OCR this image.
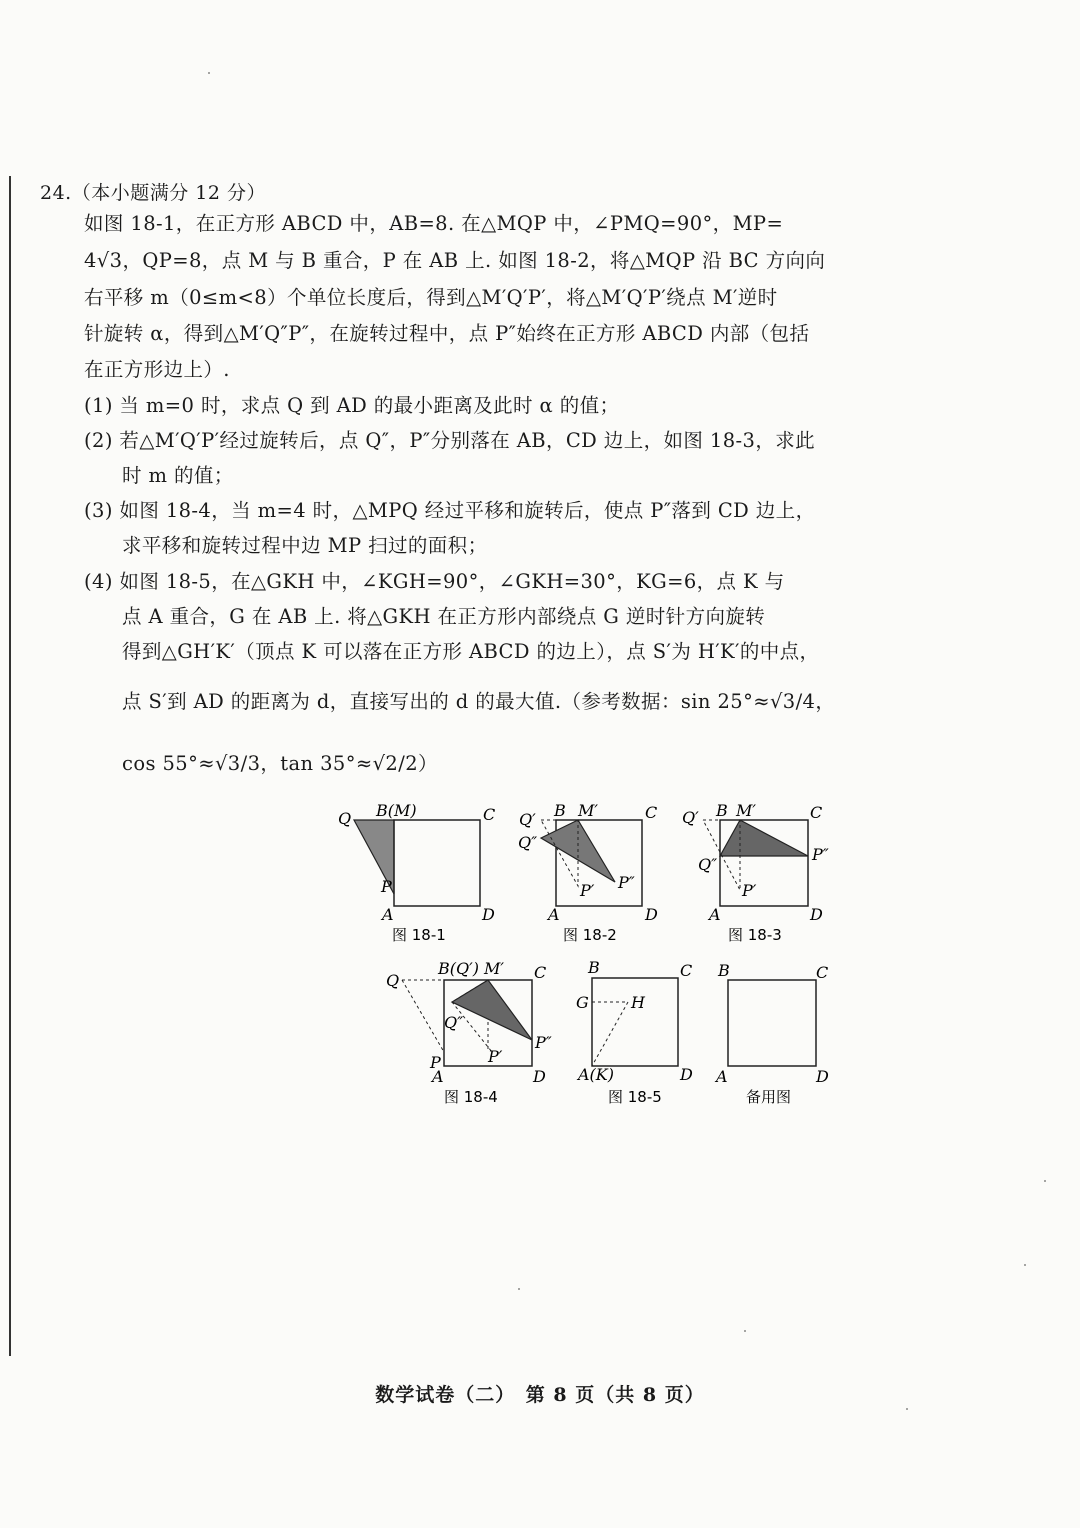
24.（本小题满分 12 分）
如图 18-1，在正方形 ABCD 中，AB=8. 在△MQP 中，∠PMQ=90°，MP=
4√3，QP=8，点 M 与 B 重合，P 在 AB 上. 如图 18-2，将△MQP 沿 BC 方向向
右平移 m（0≤m<8）个单位长度后，得到△M′Q′P′，将△M′Q′P′绕点 M′逆时
针旋转 α，得到△M′Q″P″，在旋转过程中，点 P″始终在正方形 ABCD 内部（包括
在正方形边上）.
(1) 当 m=0 时，求点 Q 到 AD 的最小距离及此时 α 的值；
(2) 若△M′Q′P′经过旋转后，点 Q″，P″分别落在 AB，CD 边上，如图 18-3，求此
时 m 的值；
(3) 如图 18-4，当 m=4 时，△MPQ 经过平移和旋转后，使点 P″落到 CD 边上，
求平移和旋转过程中边 MP 扫过的面积；
(4) 如图 18-5，在△GKH 中，∠KGH=90°，∠GKH=30°，KG=6，点 K 与
点 A 重合，G 在 AB 上. 将△GKH 在正方形内部绕点 G 逆时针方向旋转
得到△GH′K′（顶点 K 可以落在正方形 ABCD 的边上），点 S′为 H′K′的中点，
点 S′到 AD 的距离为 d，直接写出的 d 的最大值.（参考数据：sin 25°≈√3/4，
cos 55°≈√3/3，tan 35°≈√2/2）
Q B(M)	C
P
A	D
图 18-1
Q′ B M′	C
Q″
P′ P″
A	D
图 18-2
Q′ B M′	C
Q″
P″
P′
A	D
图 18-3
Q
B(Q′) M′ C
Q″
P	P′
P″
A	D
图 18-4
B	C
G	H
A(K)	D
图 18-5
B	C
A	D
备用图
数学试卷（二）　第 8 页（共 8 页）
